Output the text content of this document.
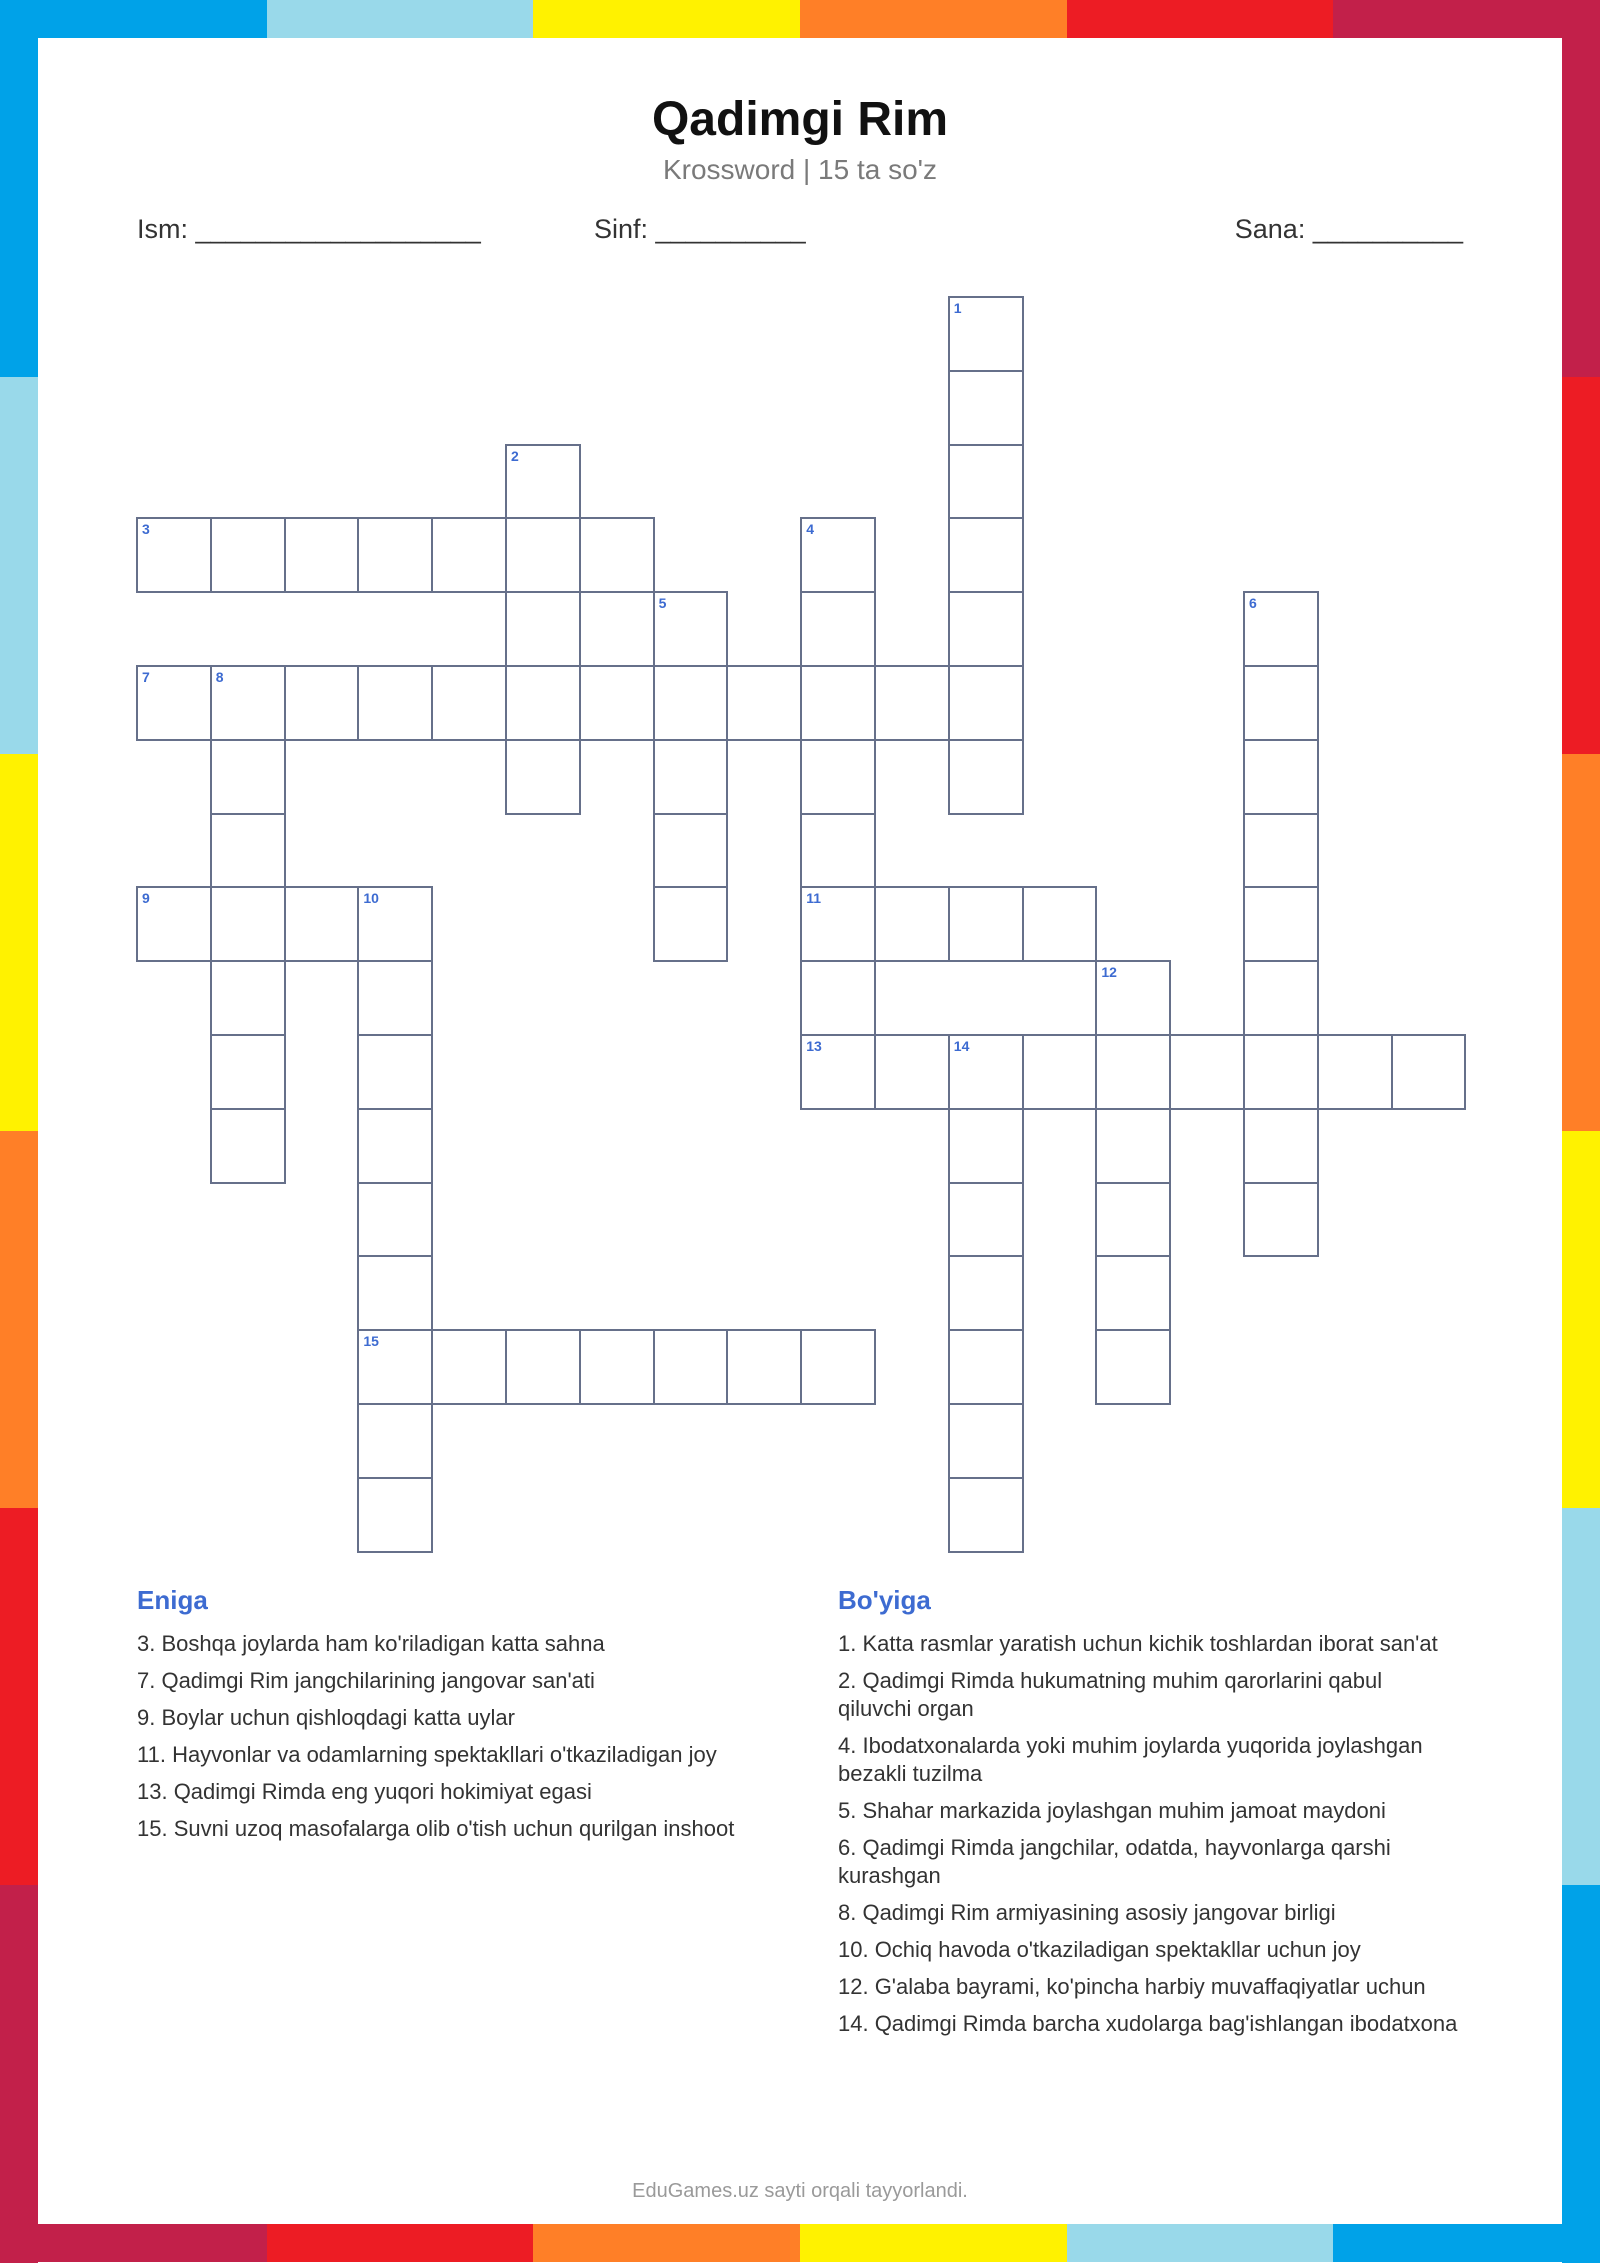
Qadimgi Rim
Krossword | 15 ta so'z
Ism: ___________________	Sinf: __________	Sana: __________
1
2
3	4
11
5	6
7	8
9	10
15
12
13	14
Eniga
3. Boshqa joylarda ham ko'riladigan katta sahna
7. Qadimgi Rim jangchilarining jangovar san'ati
9. Boylar uchun qishloqdagi katta uylar
11. Hayvonlar va odamlarning spektakllari o'tkaziladigan joy
13. Qadimgi Rimda eng yuqori hokimiyat egasi
15. Suvni uzoq masofalarga olib o'tish uchun qurilgan inshoot
Bo'yiga
1. Katta rasmlar yaratish uchun kichik toshlardan iborat san'at
2. Qadimgi Rimda hukumatning muhim qarorlarini qabul qiluvchi organ
4. Ibodatxonalarda yoki muhim joylarda yuqorida joylashgan bezakli tuzilma
5. Shahar markazida joylashgan muhim jamoat maydoni
6. Qadimgi Rimda jangchilar, odatda, hayvonlarga qarshi kurashgan
8. Qadimgi Rim armiyasining asosiy jangovar birligi
10. Ochiq havoda o'tkaziladigan spektakllar uchun joy
12. G'alaba bayrami, ko'pincha harbiy muvaffaqiyatlar uchun
14. Qadimgi Rimda barcha xudolarga bag'ishlangan ibodatxona
EduGames.uz sayti orqali tayyorlandi.
